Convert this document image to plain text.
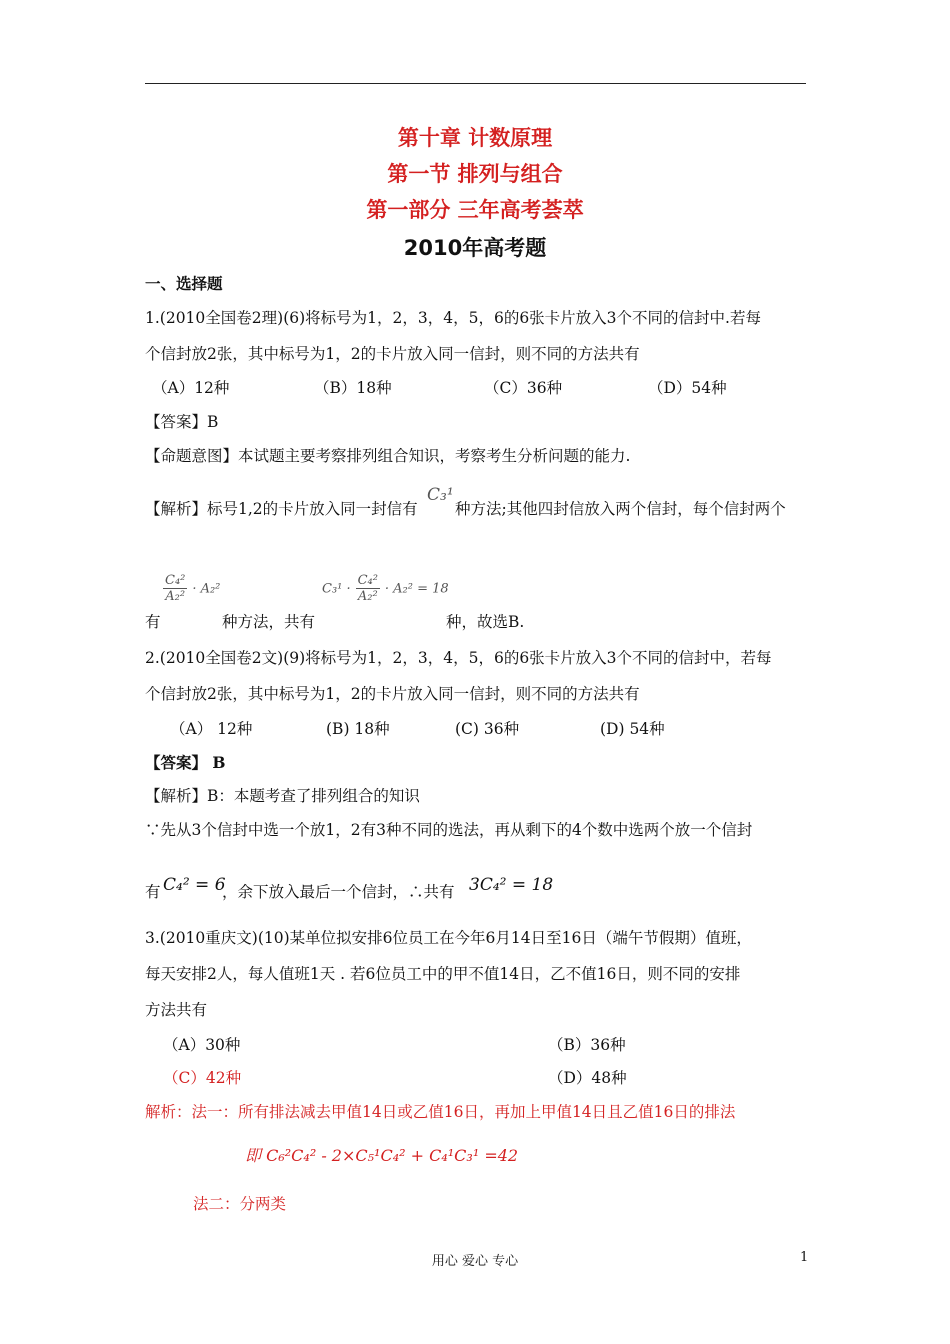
第十章 计数原理
第一节 排列与组合
第一部分 三年高考荟萃
2010年高考题
一、选择题
1.(2010全国卷2理)(6)将标号为1，2，3，4，5，6的6张卡片放入3个不同的信封中.若每
个信封放2张，其中标号为1，2的卡片放入同一信封，则不同的方法共有
（A）12种	（B）18种	（C）36种	（D）54种
【答案】B
【命题意图】本试题主要考察排列组合知识，考察考生分析问题的能力.
【解析】标号1,2的卡片放入同一封信有
C₃¹
种方法;其他四封信放入两个信封，每个信封两个
有
$\frac{\text{C₄²}}{\text{A₂²}} \cdot A_2^2$
种方法，共有
$C_3^1 \cdot \frac{\text{C₄²}}{\text{A₂²}} \cdot A_2^2 = 18$
种，故选B.
2.(2010全国卷2文)(9)将标号为1，2，3，4，5，6的6张卡片放入3个不同的信封中，若每
个信封放2张，其中标号为1，2的卡片放入同一信封，则不同的方法共有
（A） 12种	(B) 18种	(C) 36种	(D) 54种
【答案】 B
【解析】B：本题考查了排列组合的知识
∵先从3个信封中选一个放1，2有3种不同的选法，再从剩下的4个数中选两个放一个信封
有 C₄² = 6
，余下放入最后一个信封，∴共有 3C₄² = 18
3.(2010重庆文)(10)某单位拟安排6位员工在今年6月14日至16日（端午节假期）值班，
每天安排2人，每人值班1天 . 若6位员工中的甲不值14日，乙不值16日，则不同的安排
方法共有
（A）30种	（B）36种
（C）42种	（D）48种
解析：法一：所有排法减去甲值14日或乙值16日，再加上甲值14日且乙值16日的排法
即 C₆²C₄² - 2×C₅¹C₄² + C₄¹C₃¹ =42
法二：分两类
用心 爱心 专心	1
